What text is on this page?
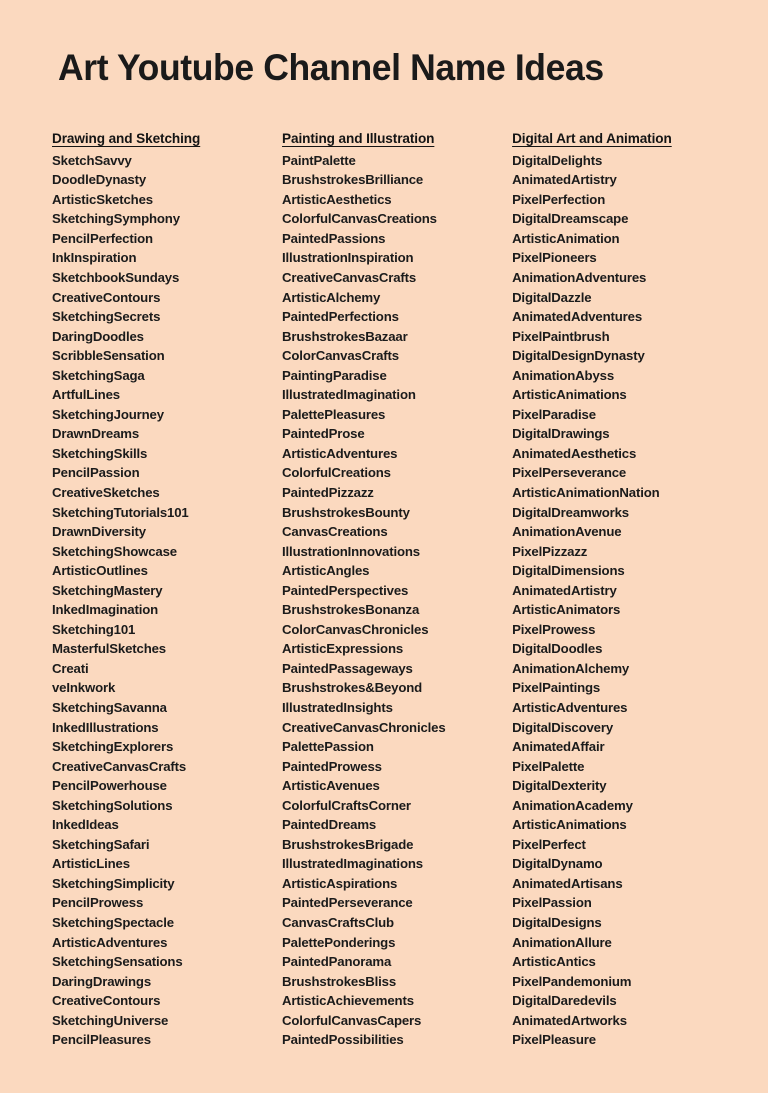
Art Youtube Channel Name Ideas
Drawing and Sketching
SketchSavvy
DoodleDynasty
ArtisticSketches
SketchingSymphony
PencilPerfection
InkInspiration
SketchbookSundays
CreativeContours
SketchingSecrets
DaringDoodles
ScribbleSensation
SketchingSaga
ArtfulLines
SketchingJourney
DrawnDreams
SketchingSkills
PencilPassion
CreativeSketches
SketchingTutorials101
DrawnDiversity
SketchingShowcase
ArtisticOutlines
SketchingMastery
InkedImagination
Sketching101
MasterfulSketches
Creati
veInkwork
SketchingSavanna
InkedIllustrations
SketchingExplorers
CreativeCanvasCrafts
PencilPowerhouse
SketchingSolutions
InkedIdeas
SketchingSafari
ArtisticLines
SketchingSimplicity
PencilProwess
SketchingSpectacle
ArtisticAdventures
SketchingSensations
DaringDrawings
CreativeContours
SketchingUniverse
PencilPleasures
Painting and Illustration
PaintPalette
BrushstrokesBrilliance
ArtisticAesthetics
ColorfulCanvasCreations
PaintedPassions
IllustrationInspiration
CreativeCanvasCrafts
ArtisticAlchemy
PaintedPerfections
BrushstrokesBazaar
ColorCanvasCrafts
PaintingParadise
IllustratedImagination
PalettePleasures
PaintedProse
ArtisticAdventures
ColorfulCreations
PaintedPizzazz
BrushstrokesBounty
CanvasCreations
IllustrationInnovations
ArtisticAngles
PaintedPerspectives
BrushstrokesBonanza
ColorCanvasChronicles
ArtisticExpressions
PaintedPassageways
Brushstrokes&Beyond
IllustratedInsights
CreativeCanvasChronicles
PalettePassion
PaintedProwess
ArtisticAvenues
ColorfulCraftsCorner
PaintedDreams
BrushstrokesBrigade
IllustratedImaginations
ArtisticAspirations
PaintedPerseverance
CanvasCraftsClub
PalettePonderings
PaintedPanorama
BrushstrokesBliss
ArtisticAchievements
ColorfulCanvasCapers
PaintedPossibilities
Digital Art and Animation
DigitalDelights
AnimatedArtistry
PixelPerfection
DigitalDreamscape
ArtisticAnimation
PixelPioneers
AnimationAdventures
DigitalDazzle
AnimatedAdventures
PixelPaintbrush
DigitalDesignDynasty
AnimationAbyss
ArtisticAnimations
PixelParadise
DigitalDrawings
AnimatedAesthetics
PixelPerseverance
ArtisticAnimationNation
DigitalDreamworks
AnimationAvenue
PixelPizzazz
DigitalDimensions
AnimatedArtistry
ArtisticAnimators
PixelProwess
DigitalDoodles
AnimationAlchemy
PixelPaintings
ArtisticAdventures
DigitalDiscovery
AnimatedAffair
PixelPalette
DigitalDexterity
AnimationAcademy
ArtisticAnimations
PixelPerfect
DigitalDynamo
AnimatedArtisans
PixelPassion
DigitalDesigns
AnimationAllure
ArtisticAntics
PixelPandemonium
DigitalDaredevils
AnimatedArtworks
PixelPleasure
